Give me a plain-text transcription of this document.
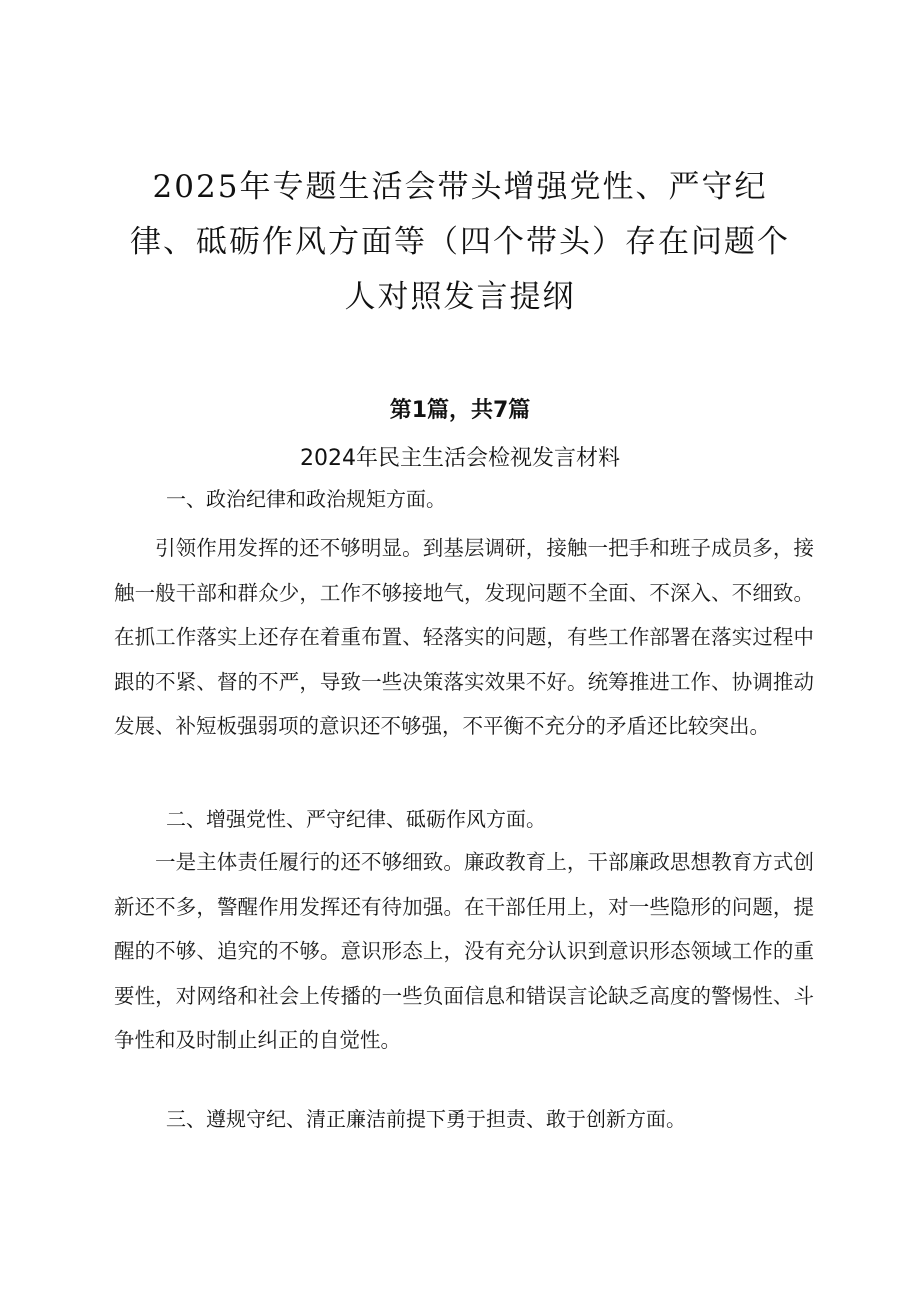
2025年专题生活会带头增强党性、严守纪
律、砥砺作风方面等（四个带头）存在问题个
人对照发言提纲
第1篇，共7篇
2024年民主生活会检视发言材料
一、政治纪律和政治规矩方面。

引领作用发挥的还不够明显。到基层调研，接触一把手和班子成员多，接触一般干部和群众少，工作不够接地气，发现问题不全面、不深入、不细致。在抓工作落实上还存在着重布置、轻落实的问题，有些工作部署在落实过程中跟的不紧、督的不严，导致一些决策落实效果不好。统筹推进工作、协调推动发展、补短板强弱项的意识还不够强，不平衡不充分的矛盾还比较突出。

二、增强党性、严守纪律、砥砺作风方面。

一是主体责任履行的还不够细致。廉政教育上，干部廉政思想教育方式创新还不多，警醒作用发挥还有待加强。在干部任用上，对一些隐形的问题，提醒的不够、追究的不够。意识形态上，没有充分认识到意识形态领域工作的重要性，对网络和社会上传播的一些负面信息和错误言论缺乏高度的警惕性、斗争性和及时制止纠正的自觉性。

三、遵规守纪、清正廉洁前提下勇于担责、敢于创新方面。
